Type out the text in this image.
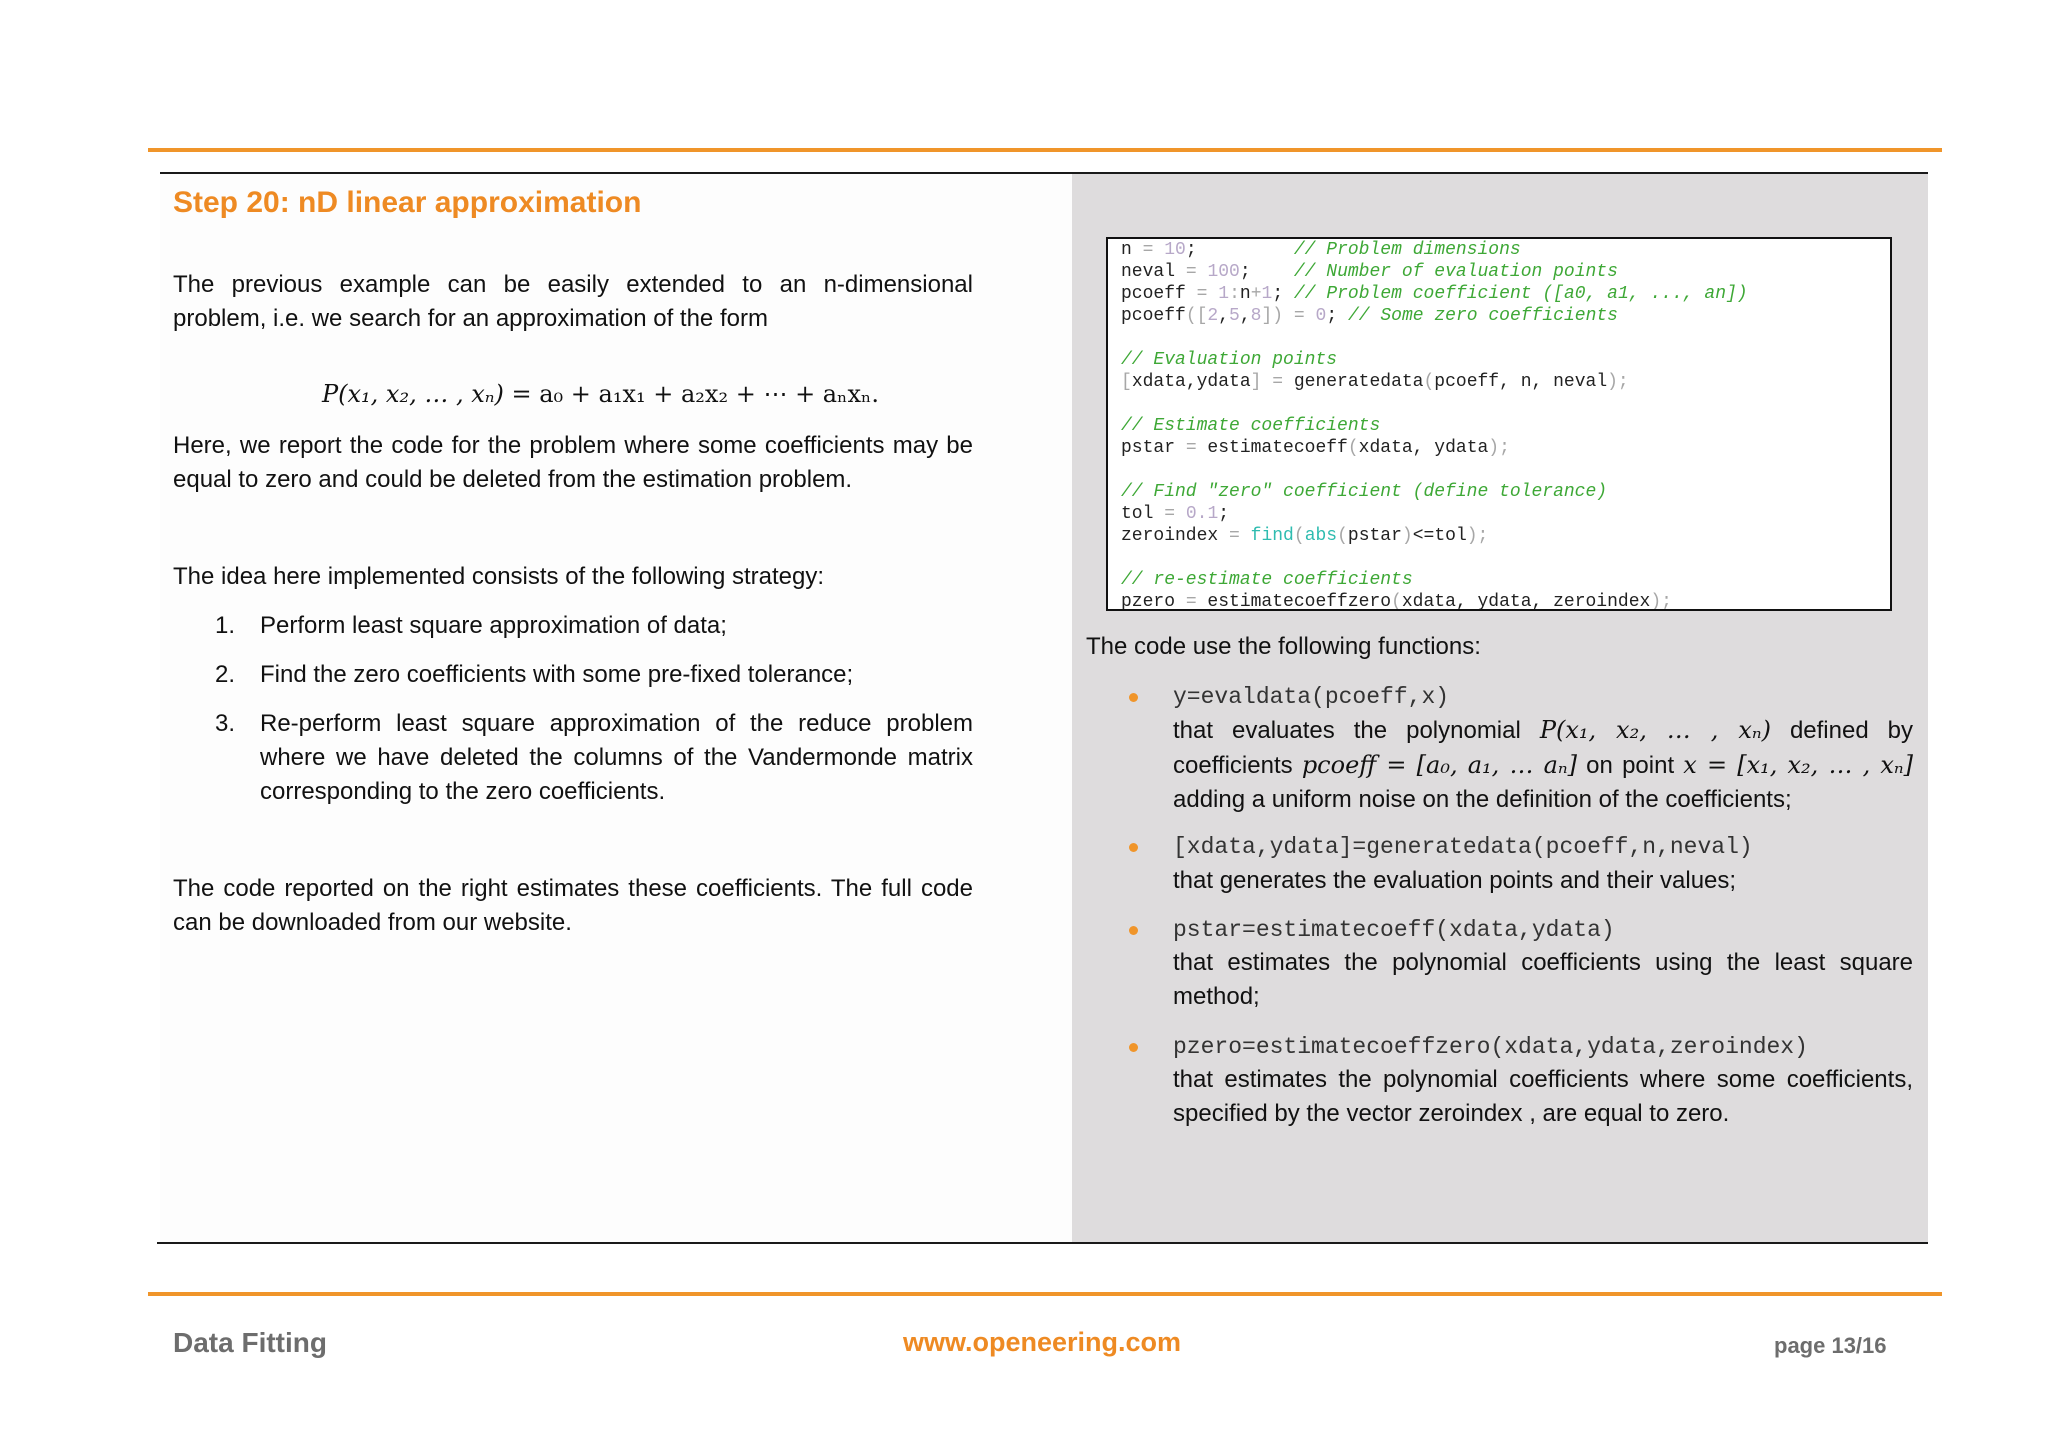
Step 20: nD linear approximation
The previous example can be easily extended to an n-dimensional problem, i.e. we search for an approximation of the form
P(x₁, x₂, … , xₙ) = a₀ + a₁x₁ + a₂x₂ + ⋯ + aₙxₙ.
Here, we report the code for the problem where some coefficients may be equal to zero and could be deleted from the estimation problem.
The idea here implemented consists of the following strategy:
1. Perform least square approximation of data;
2. Find the zero coefficients with some pre-fixed tolerance;
3. Re-perform least square approximation of the reduce problem where we have deleted the columns of the Vandermonde matrix corresponding to the zero coefficients.
The code reported on the right estimates these coefficients. The full code can be downloaded from our website.
n = 10;         // Problem dimensions
neval = 100;    // Number of evaluation points
pcoeff = 1:n+1; // Problem coefficient ([a0, a1, ..., an])
pcoeff([2,5,8]) = 0; // Some zero coefficients
// Evaluation points
[xdata,ydata] = generatedata(pcoeff, n, neval);
// Estimate coefficients
pstar = estimatecoeff(xdata, ydata);
// Find "zero" coefficient (define tolerance)
tol = 0.1;
zeroindex = find(abs(pstar)<=tol);
// re-estimate coefficients
pzero = estimatecoeffzero(xdata, ydata, zeroindex);
The code use the following functions:
y=evaldata(pcoeff,x)
that evaluates the polynomial P(x₁, x₂, … , xₙ) defined by coefficients pcoeff = [a₀, a₁, … aₙ] on point x = [x₁, x₂, … , xₙ] adding a uniform noise on the definition of the coefficients;
[xdata,ydata]=generatedata(pcoeff,n,neval)
that generates the evaluation points and their values;
pstar=estimatecoeff(xdata,ydata)
that estimates the polynomial coefficients using the least square method;
pzero=estimatecoeffzero(xdata,ydata,zeroindex)
that estimates the polynomial coefficients where some coefficients, specified by the vector zeroindex , are equal to zero.
Data Fitting	www.openeering.com	page 13/16
